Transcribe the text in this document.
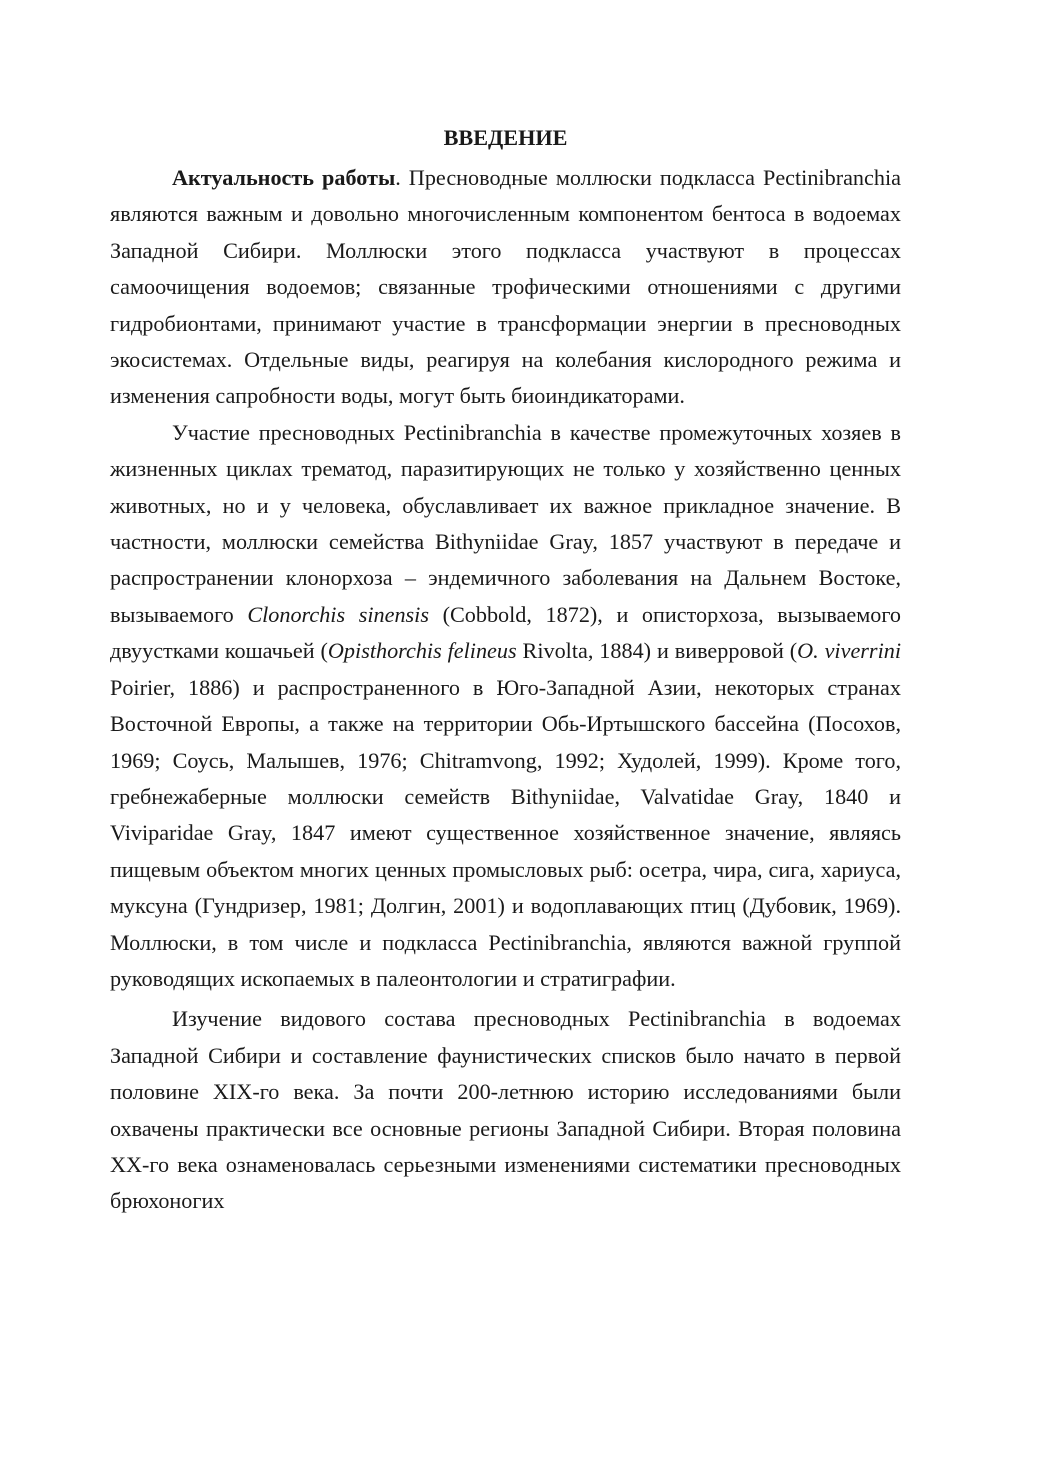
ВВЕДЕНИЕ

Актуальность работы. Пресноводные моллюски подкласса Pectinibranchia являются важным и довольно многочисленным компонентом бентоса в водоемах Западной Сибири. Моллюски этого подкласса участвуют в процессах самоочищения водоемов; связанные трофическими отношениями с другими гидробионтами, принимают участие в трансформации энергии в пресноводных экосистемах. Отдельные виды, реагируя на колебания кислородного режима и изменения сапробности воды, могут быть биоиндикаторами.

Участие пресноводных Pectinibranchia в качестве промежуточных хозяев в жизненных циклах трематод, паразитирующих не только у хозяйственно ценных животных, но и у человека, обуславливает их важное прикладное значение. В частности, моллюски семейства Bithyniidae Gray, 1857 участвуют в передаче и распространении клонорхоза – эндемичного заболевания на Дальнем Востоке, вызываемого Clonorchis sinensis (Cobbold, 1872), и описторхоза, вызываемого двуустками кошачьей (Opisthorchis felineus Rivolta, 1884) и виверровой (O. viverrini Poirier, 1886) и распространенного в Юго-Западной Азии, некоторых странах Восточной Европы, а также на территории Обь-Иртышского бассейна (Посохов, 1969; Соусь, Малышев, 1976; Chitramvong, 1992; Худолей, 1999). Кроме того, гребнежаберные моллюски семейств Bithyniidae, Valvatidae Gray, 1840 и Viviparidae Gray, 1847 имеют существенное хозяйственное значение, являясь пищевым объектом многих ценных промысловых рыб: осетра, чира, сига, хариуса, муксуна (Гундризер, 1981; Долгин, 2001) и водоплавающих птиц (Дубовик, 1969). Моллюски, в том числе и подкласса Pectinibranchia, являются важной группой руководящих ископаемых в палеонтологии и стратиграфии.

Изучение видового состава пресноводных Pectinibranchia в водоемах Западной Сибири и составление фаунистических списков было начато в первой половине XIX-го века. За почти 200-летнюю историю исследованиями были охвачены практически все основные регионы Западной Сибири. Вторая половина XX-го века ознаменовалась серьезными изменениями систематики пресноводных брюхоногих
